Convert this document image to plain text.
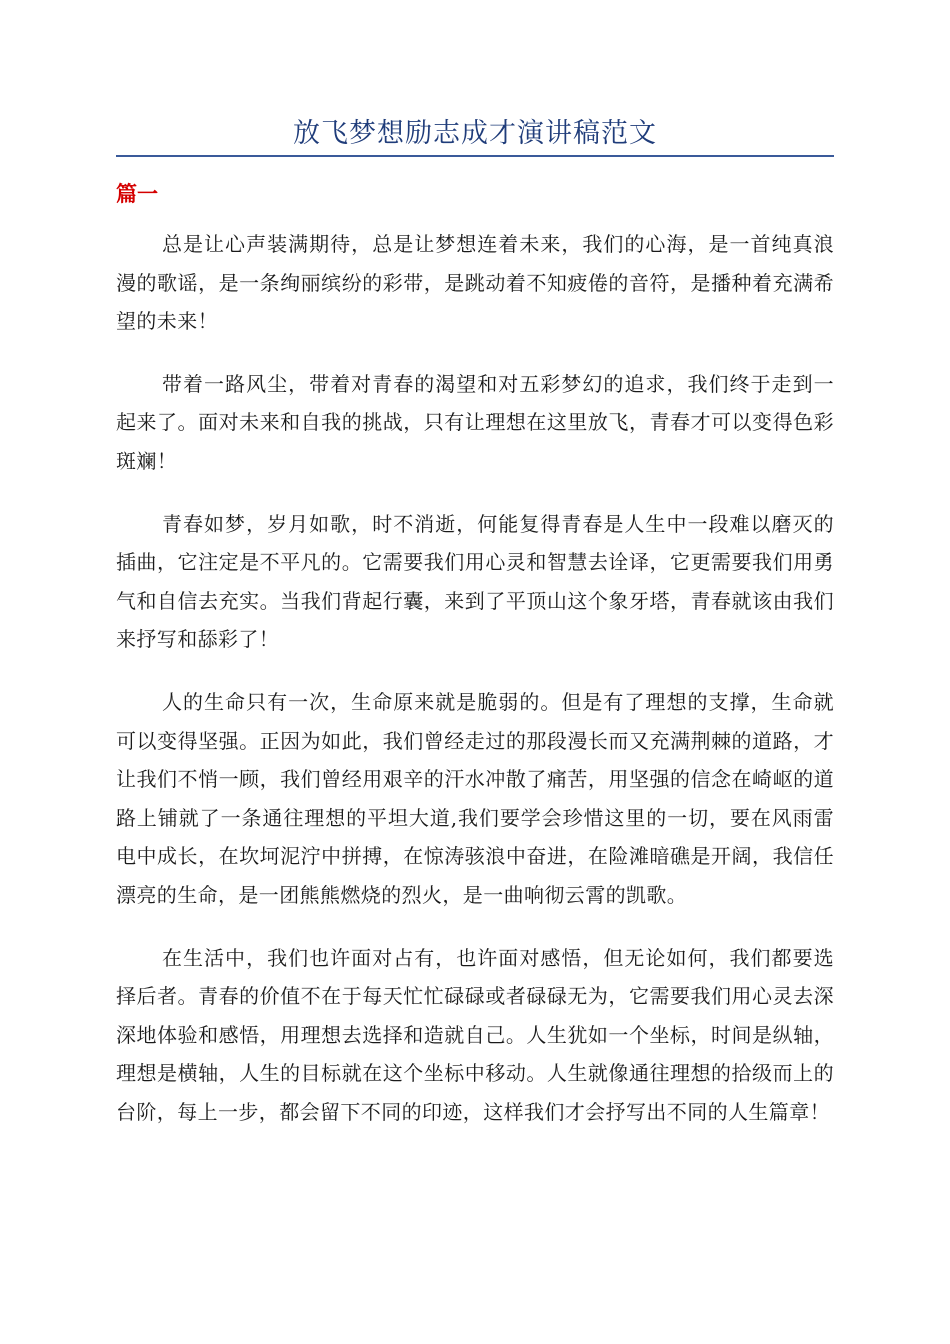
放飞梦想励志成才演讲稿范文
篇一

总是让心声装满期待，总是让梦想连着未来，我们的心海，是一首纯真浪漫的歌谣，是一条绚丽缤纷的彩带，是跳动着不知疲倦的音符，是播种着充满希望的未来！

带着一路风尘，带着对青春的渴望和对五彩梦幻的追求，我们终于走到一起来了。面对未来和自我的挑战，只有让理想在这里放飞，青春才可以变得色彩斑斓！

青春如梦，岁月如歌，时不消逝，何能复得青春是人生中一段难以磨灭的插曲，它注定是不平凡的。它需要我们用心灵和智慧去诠译，它更需要我们用勇气和自信去充实。当我们背起行囊，来到了平顶山这个象牙塔，青春就该由我们来抒写和舔彩了！

人的生命只有一次，生命原来就是脆弱的。但是有了理想的支撑，生命就可以变得坚强。正因为如此，我们曾经走过的那段漫长而又充满荆棘的道路，才让我们不悄一顾，我们曾经用艰辛的汗水冲散了痛苦，用坚强的信念在崎岖的道路上铺就了一条通往理想的平坦大道,我们要学会珍惜这里的一切，要在风雨雷电中成长，在坎坷泥泞中拼搏，在惊涛骇浪中奋进，在险滩暗礁是开阔，我信任漂亮的生命，是一团熊熊燃烧的烈火，是一曲响彻云霄的凯歌。

在生活中，我们也许面对占有，也许面对感悟，但无论如何，我们都要选择后者。青春的价值不在于每天忙忙碌碌或者碌碌无为，它需要我们用心灵去深深地体验和感悟，用理想去选择和造就自己。人生犹如一个坐标，时间是纵轴，理想是横轴，人生的目标就在这个坐标中移动。人生就像通往理想的拾级而上的台阶，每上一步，都会留下不同的印迹，这样我们才会抒写出不同的人生篇章！
